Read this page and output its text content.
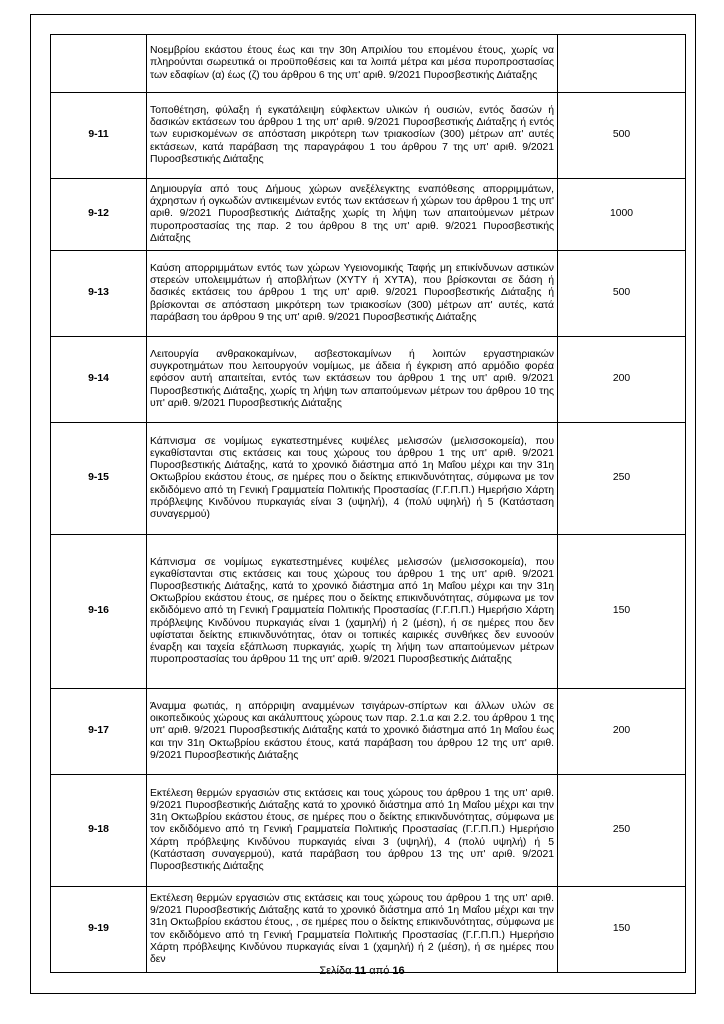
	Νοεμβρίου εκάστου έτους έως και την 30η Απριλίου του επομένου έτους, χωρίς να πληρούνται σωρευτικά οι προϋποθέσεις και τα λοιπά μέτρα και μέσα πυροπροστασίας των εδαφίων (α) έως (ζ) του άρθρου 6 της υπ' αριθ. 9/2021 Πυροσβεστικής Διάταξης	
9-11	Τοποθέτηση, φύλαξη ή εγκατάλειψη εύφλεκτων υλικών ή ουσιών, εντός δασών ή δασικών εκτάσεων του άρθρου 1 της υπ' αριθ. 9/2021 Πυροσβεστικής Διάταξης ή εντός των ευρισκομένων σε απόσταση μικρότερη των τριακοσίων (300) μέτρων απ' αυτές εκτάσεων, κατά παράβαση της παραγράφου 1 του άρθρου 7 της υπ' αριθ. 9/2021 Πυροσβεστικής Διάταξης	500
9-12	Δημιουργία από τους Δήμους χώρων ανεξέλεγκτης εναπόθεσης απορριμμάτων, άχρηστων ή ογκωδών αντικειμένων εντός των εκτάσεων ή χώρων του άρθρου 1 της υπ' αριθ. 9/2021 Πυροσβεστικής Διάταξης χωρίς τη λήψη των απαιτούμενων μέτρων πυροπροστασίας της παρ. 2 του άρθρου 8 της υπ' αριθ. 9/2021 Πυροσβεστικής Διάταξης	1000
9-13	Καύση απορριμμάτων εντός των χώρων Υγειονομικής Ταφής μη επικίνδυνων αστικών στερεών υπολειμμάτων ή αποβλήτων (ΧΥΤΥ ή ΧΥΤΑ), που βρίσκονται σε δάση ή δασικές εκτάσεις του άρθρου 1 της υπ' αριθ. 9/2021 Πυροσβεστικής Διάταξης ή βρίσκονται σε απόσταση μικρότερη των τριακοσίων (300) μέτρων απ' αυτές, κατά παράβαση του άρθρου 9 της υπ' αριθ. 9/2021 Πυροσβεστικής Διάταξης	500
9-14	Λειτουργία ανθρακοκαμίνων, ασβεστοκαμίνων ή λοιπών εργαστηριακών συγκροτημάτων που λειτουργούν νομίμως, με άδεια ή έγκριση από αρμόδιο φορέα εφόσον αυτή απαιτείται, εντός των εκτάσεων του άρθρου 1 της υπ' αριθ. 9/2021 Πυροσβεστικής Διάταξης, χωρίς τη λήψη των απαιτούμενων μέτρων του άρθρου 10 της υπ' αριθ. 9/2021 Πυροσβεστικής Διάταξης	200
9-15	Κάπνισμα σε νομίμως εγκατεστημένες κυψέλες μελισσών (μελισσοκομεία), που εγκαθίστανται στις εκτάσεις και τους χώρους του άρθρου 1 της υπ' αριθ. 9/2021 Πυροσβεστικής Διάταξης, κατά το χρονικό διάστημα από 1η Μαΐου μέχρι και την 31η Οκτωβρίου εκάστου έτους, σε ημέρες που ο δείκτης επικινδυνότητας, σύμφωνα με τον εκδιδόμενο από τη Γενική Γραμματεία Πολιτικής Προστασίας (Γ.Γ.Π.Π.) Ημερήσιο Χάρτη πρόβλεψης Κινδύνου πυρκαγιάς είναι 3 (υψηλή), 4 (πολύ υψηλή) ή 5 (Κατάσταση συναγερμού)	250
9-16	Κάπνισμα σε νομίμως εγκατεστημένες κυψέλες μελισσών (μελισσοκομεία), που εγκαθίστανται στις εκτάσεις και τους χώρους του άρθρου 1 της υπ' αριθ. 9/2021 Πυροσβεστικής Διάταξης, κατά το χρονικό διάστημα από 1η Μαΐου μέχρι και την 31η Οκτωβρίου εκάστου έτους, σε ημέρες που ο δείκτης επικινδυνότητας, σύμφωνα με τον εκδιδόμενο από τη Γενική Γραμματεία Πολιτικής Προστασίας (Γ.Γ.Π.Π.) Ημερήσιο Χάρτη πρόβλεψης Κινδύνου πυρκαγιάς είναι 1 (χαμηλή) ή 2 (μέση), ή σε ημέρες που δεν υφίσταται δείκτης επικινδυνότητας, όταν οι τοπικές καιρικές συνθήκες δεν ευνοούν έναρξη και ταχεία εξάπλωση πυρκαγιάς, χωρίς τη λήψη των απαιτούμενων μέτρων πυροπροστασίας του άρθρου 11 της υπ' αριθ. 9/2021 Πυροσβεστικής Διάταξης	150
9-17	Άναμμα φωτιάς, η απόρριψη αναμμένων τσιγάρων-σπίρτων και άλλων υλών σε οικοπεδικούς χώρους και ακάλυπτους χώρους των παρ. 2.1.α και 2.2. του άρθρου 1 της υπ' αριθ. 9/2021 Πυροσβεστικής Διάταξης κατά το χρονικό διάστημα από 1η Μαΐου έως και την 31η Οκτωβρίου εκάστου έτους, κατά παράβαση του άρθρου 12 της υπ' αριθ. 9/2021 Πυροσβεστικής Διάταξης	200
9-18	Εκτέλεση θερμών εργασιών στις εκτάσεις και τους χώρους του άρθρου 1 της υπ' αριθ. 9/2021 Πυροσβεστικής Διάταξης κατά το χρονικό διάστημα από 1η Μαΐου μέχρι και την 31η Οκτωβρίου εκάστου έτους, σε ημέρες που ο δείκτης επικινδυνότητας, σύμφωνα με τον εκδιδόμενο από τη Γενική Γραμματεία Πολιτικής Προστασίας (Γ.Γ.Π.Π.) Ημερήσιο Χάρτη πρόβλεψης Κινδύνου πυρκαγιάς είναι 3 (υψηλή), 4 (πολύ υψηλή) ή 5 (Κατάσταση συναγερμού), κατά παράβαση του άρθρου 13 της υπ' αριθ. 9/2021 Πυροσβεστικής Διάταξης	250
9-19	Εκτέλεση θερμών εργασιών στις εκτάσεις και τους χώρους του άρθρου 1 της υπ' αριθ. 9/2021 Πυροσβεστικής Διάταξης κατά το χρονικό διάστημα από 1η Μαΐου μέχρι και την 31η Οκτωβρίου εκάστου έτους, , σε ημέρες που ο δείκτης επικινδυνότητας, σύμφωνα με τον εκδιδόμενο από τη Γενική Γραμματεία Πολιτικής Προστασίας (Γ.Γ.Π.Π.) Ημερήσιο Χάρτη πρόβλεψης Κινδύνου πυρκαγιάς είναι 1 (χαμηλή) ή 2 (μέση), ή σε ημέρες που δεν	150
Σελίδα 11 από 16
